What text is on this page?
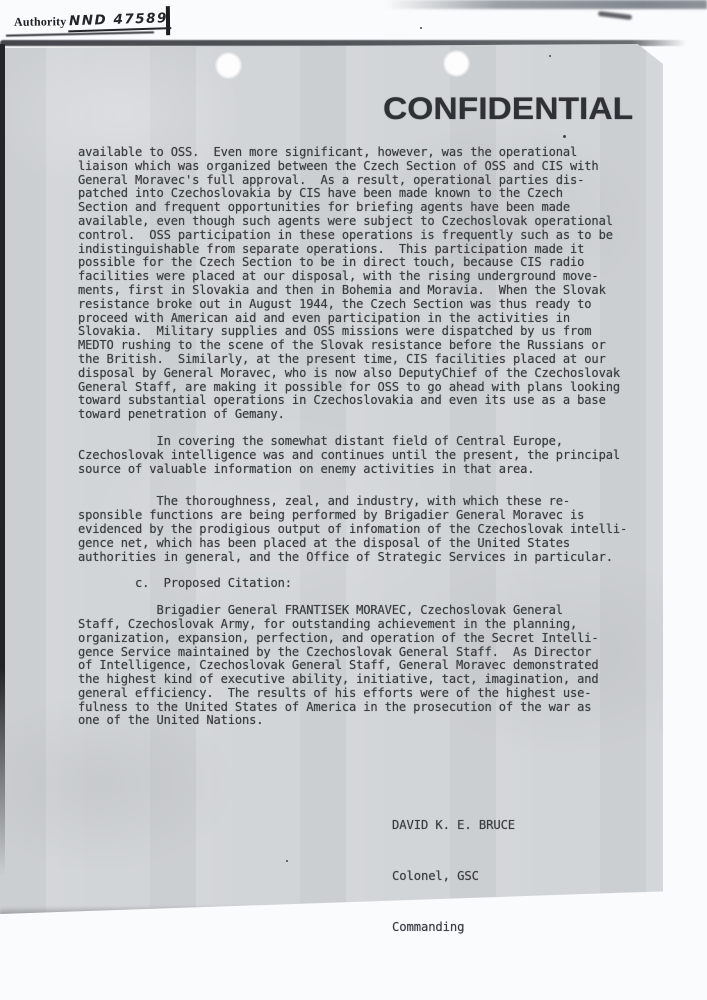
Authority NND 47589
CONFIDENTIAL
available to OSS.  Even more significant, however, was the operational
liaison which was organized between the Czech Section of OSS and CIS with
General Moravec's full approval.  As a result, operational parties dis-
patched into Czechoslovakia by CIS have been made known to the Czech
Section and frequent opportunities for briefing agents have been made
available, even though such agents were subject to Czechoslovak operational
control.  OSS participation in these operations is frequently such as to be
indistinguishable from separate operations.  This participation made it
possible for the Czech Section to be in direct touch, because CIS radio
facilities were placed at our disposal, with the rising underground move-
ments, first in Slovakia and then in Bohemia and Moravia.  When the Slovak
resistance broke out in August 1944, the Czech Section was thus ready to
proceed with American aid and even participation in the activities in
Slovakia.  Military supplies and OSS missions were dispatched by us from
MEDTO rushing to the scene of the Slovak resistance before the Russians or
the British.  Similarly, at the present time, CIS facilities placed at our
disposal by General Moravec, who is now also DeputyChief of the Czechoslovak
General Staff, are making it possible for OSS to go ahead with plans looking
toward substantial operations in Czechoslovakia and even its use as a base
toward penetration of Gemany.
In covering the somewhat distant field of Central Europe,
Czechoslovak intelligence was and continues until the present, the principal
source of valuable information on enemy activities in that area.
The thoroughness, zeal, and industry, with which these re-
sponsible functions are being performed by Brigadier General Moravec is
evidenced by the prodigious output of infomation of the Czechoslovak intelli-
gence net, which has been placed at the disposal of the United States
authorities in general, and the Office of Strategic Services in particular.
c.  Proposed Citation:
Brigadier General FRANTISEK MORAVEC, Czechoslovak General
Staff, Czechoslovak Army, for outstanding achievement in the planning,
organization, expansion, perfection, and operation of the Secret Intelli-
gence Service maintained by the Czechoslovak General Staff.  As Director
of Intelligence, Czechoslovak General Staff, General Moravec demonstrated
the highest kind of executive ability, initiative, tact, imagination, and
general efficiency.  The results of his efforts were of the highest use-
fulness to the United States of America in the prosecution of the war as
one of the United Nations.

DAVID K. E. BRUCE

Colonel, GSC

Commanding
